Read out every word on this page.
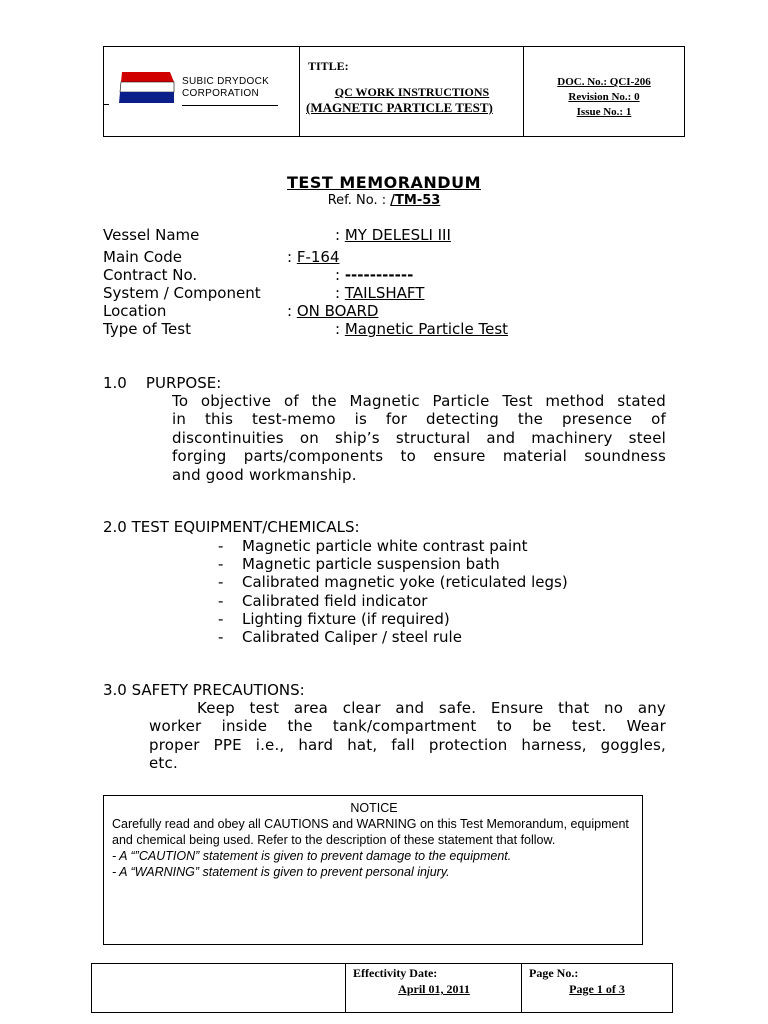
SUBIC DRYDOCK
CORPORATION
TITLE:
QC WORK INSTRUCTIONS
(MAGNETIC PARTICLE TEST)
DOC. No.: QCI-206
Revision No.: 0
Issue No.: 1
TEST MEMORANDUM
Ref. No. : /TM-53
Vessel Name	: MY DELESLI III
Main Code	: F-164
Contract No.	: -----------
System / Component	: TAILSHAFT
Location	: ON BOARD
Type of Test	: Magnetic Particle Test
1.0    PURPOSE:
To objective of the Magnetic Particle Test method stated
in this test-memo is for detecting the presence of
discontinuities on ship’s structural and machinery steel
forging parts/components to ensure material soundness
and good workmanship.
2.0 TEST EQUIPMENT/CHEMICALS:
- Magnetic particle white contrast paint
- Magnetic particle suspension bath
- Calibrated magnetic yoke (reticulated legs)
- Calibrated field indicator
- Lighting fixture (if required)
- Calibrated Caliper / steel rule
3.0 SAFETY PRECAUTIONS:
Keep test area clear and safe. Ensure that no any
worker inside the tank/compartment to be test. Wear
proper PPE i.e., hard hat, fall protection harness, goggles,
etc.
NOTICE
Carefully read and obey all CAUTIONS and WARNING on this Test Memorandum, equipment and chemical being used. Refer to the description of these statement that follow.
- A “”CAUTION” statement is given to prevent damage to the equipment.
- A “WARNING” statement is given to prevent personal injury.
Effectivity Date:
April 01, 2011
Page No.:
Page 1 of 3
